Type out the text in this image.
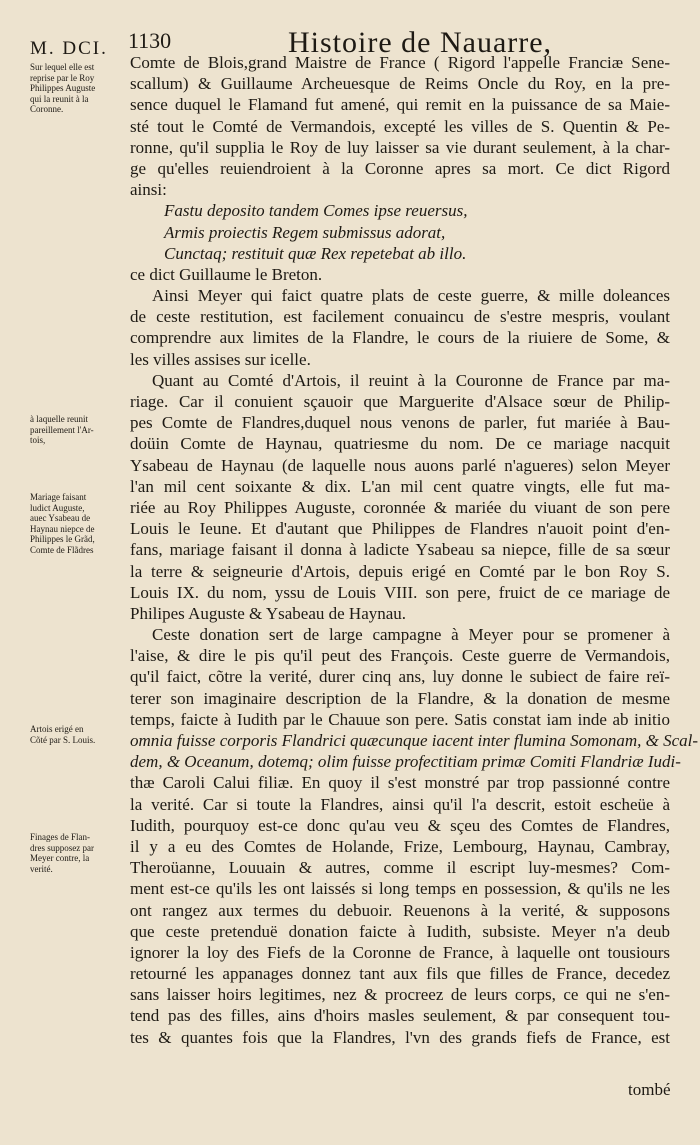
M. DCI. 1130	Histoire de Nauarre,
Sur lequel elle est
reprise par le Roy
Philippes Auguste
qui la reunit à la
Coronne.
à laquelle reunit
pareillement l'Ar-
tois,
Mariage faisant
ludict Auguste,
auec Ysabeau de
Haynau niepce de
Philippes le Grãd,
Comte de Flãdres
Artois erigé en
Cõté par S. Louis.
Finages de Flan-
dres supposez par
Meyer contre, la
verité.
Comte de Blois,grand Maistre de France ( Rigord l'appelle Franciæ Sene-
scallum) & Guillaume Archeuesque de Reims Oncle du Roy, en la pre-
sence duquel le Flamand fut amené, qui remit en la puissance de sa Maie-
sté tout le Comté de Vermandois, excepté les villes de S. Quentin & Pe-
ronne, qu'il supplia le Roy de luy laisser sa vie durant seulement, à la char-
ge qu'elles reuiendroient à la Coronne apres sa mort. Ce dict Rigord
ainsi:
Fastu deposito tandem Comes ipse reuersus,
Armis proiectis Regem submissus adorat,
Cunctaq; restituit quæ Rex repetebat ab illo.
ce dict Guillaume le Breton.
Ainsi Meyer qui faict quatre plats de ceste guerre, & mille doleances
de ceste restitution, est facilement conuaincu de s'estre mespris, voulant
comprendre aux limites de la Flandre, le cours de la riuiere de Some, &
les villes assises sur icelle.
Quant au Comté d'Artois, il reuint à la Couronne de France par ma-
riage. Car il conuient sçauoir que Marguerite d'Alsace sœur de Philip-
pes Comte de Flandres,duquel nous venons de parler, fut mariée à Bau-
doüin Comte de Haynau, quatriesme du nom. De ce mariage nacquit
Ysabeau de Haynau (de laquelle nous auons parlé n'agueres) selon Meyer
l'an mil cent soixante & dix. L'an mil cent quatre vingts, elle fut ma-
riée au Roy Philippes Auguste, coronnée & mariée du viuant de son pere
Louis le Ieune. Et d'autant que Philippes de Flandres n'auoit point d'en-
fans, mariage faisant il donna à ladicte Ysabeau sa niepce, fille de sa sœur
la terre & seigneurie d'Artois, depuis erigé en Comté par le bon Roy S.
Louis IX. du nom, yssu de Louis VIII. son pere, fruict de ce mariage de
Philipes Auguste & Ysabeau de Haynau.
Ceste donation sert de large campagne à Meyer pour se promener à
l'aise, & dire le pis qu'il peut des François. Ceste guerre de Vermandois,
qu'il faict, cõtre la verité, durer cinq ans, luy donne le subiect de faire reï-
terer son imaginaire description de la Flandre, & la donation de mesme
temps, faicte à Iudith par le Chauue son pere. Satis constat iam inde ab initio
omnia fuisse corporis Flandrici quæcunque iacent inter flumina Somonam, & Scal-
dem, & Oceanum, dotemq; olim fuisse profectitiam primæ Comiti Flandriæ Iudi-
thæ Caroli Calui filiæ. En quoy il s'est monstré par trop passionné contre
la verité. Car si toute la Flandres, ainsi qu'il l'a descrit, estoit escheüe à
Iudith, pourquoy est-ce donc qu'au veu & sçeu des Comtes de Flandres,
il y a eu des Comtes de Holande, Frize, Lembourg, Haynau, Cambray,
Theroüanne, Louuain & autres, comme il escript luy-mesmes? Com-
ment est-ce qu'ils les ont laissés si long temps en possession, & qu'ils ne les
ont rangez aux termes du debuoir. Reuenons à la verité, & supposons
que ceste pretenduë donation faicte à Iudith, subsiste. Meyer n'a deub
ignorer la loy des Fiefs de la Coronne de France, à laquelle ont tousiours
retourné les appanages donnez tant aux fils que filles de France, decedez
sans laisser hoirs legitimes, nez & procreez de leurs corps, ce qui ne s'en-
tend pas des filles, ains d'hoirs masles seulement, & par consequent tou-
tes & quantes fois que la Flandres, l'vn des grands fiefs de France, est
tombé
